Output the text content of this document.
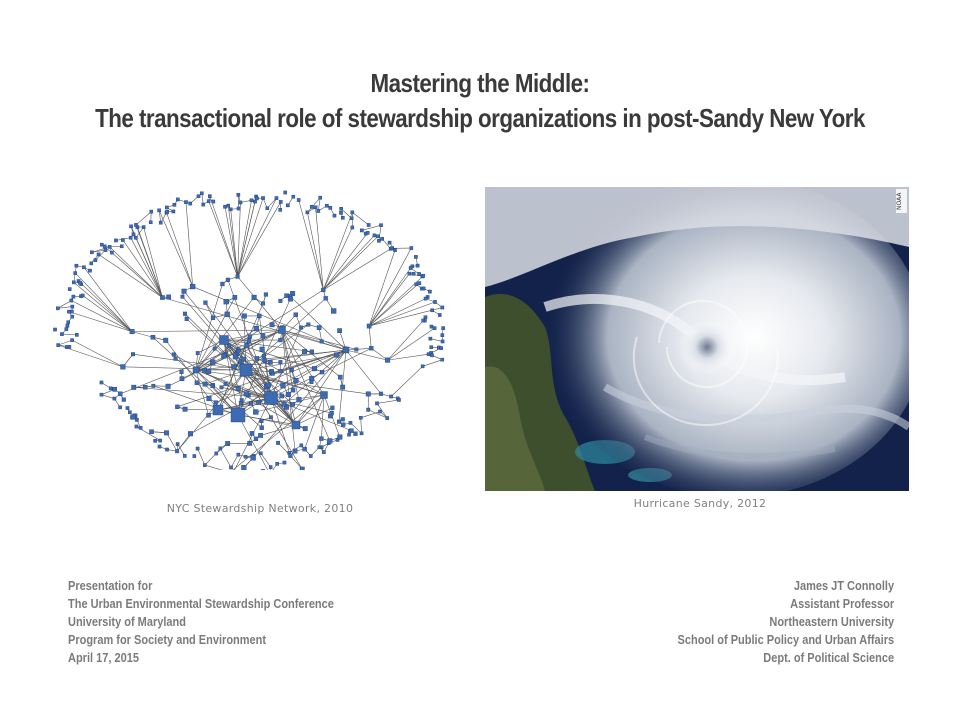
Mastering the Middle:
The transactional role of stewardship organizations in post-Sandy New York
NOAA
NYC Stewardship Network, 2010	Hurricane Sandy, 2012
Presentation for
The Urban Environmental Stewardship Conference
University of Maryland
Program for Society and Environment
April 17, 2015
James JT Connolly
Assistant Professor
Northeastern University
School of Public Policy and Urban Affairs
Dept. of Political Science
